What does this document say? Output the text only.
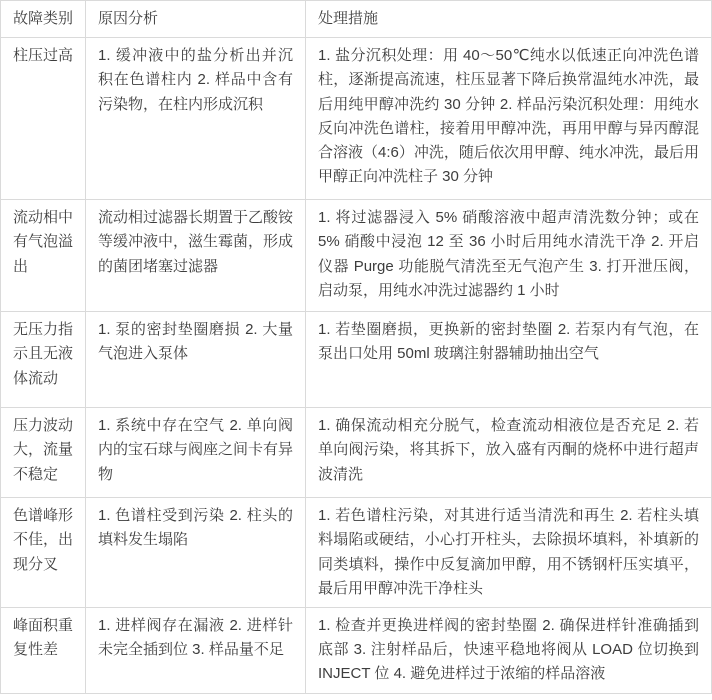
故障类别	原因分析	处理措施
柱压过高	1. 缓冲液中的盐分析出并沉积在色谱柱内 2. 样品中含有污染物，在柱内形成沉积	1. 盐分沉积处理：用 40～50℃纯水以低速正向冲洗色谱柱，逐渐提高流速，柱压显著下降后换常温纯水冲洗，最后用纯甲醇冲洗约 30 分钟 2. 样品污染沉积处理：用纯水反向冲洗色谱柱，接着用甲醇冲洗，再用甲醇与异丙醇混合溶液（4:6）冲洗，随后依次用甲醇、纯水冲洗，最后用甲醇正向冲洗柱子 30 分钟
流动相中有气泡溢出	流动相过滤器长期置于乙酸铵等缓冲液中，滋生霉菌，形成的菌团堵塞过滤器	1. 将过滤器浸入 5% 硝酸溶液中超声清洗数分钟；或在 5% 硝酸中浸泡 12 至 36 小时后用纯水清洗干净 2. 开启仪器 Purge 功能脱气清洗至无气泡产生 3. 打开泄压阀，启动泵，用纯水冲洗过滤器约 1 小时
无压力指示且无液体流动	1. 泵的密封垫圈磨损 2. 大量气泡进入泵体	1. 若垫圈磨损，更换新的密封垫圈 2. 若泵内有气泡，在泵出口处用 50ml 玻璃注射器辅助抽出空气
压力波动大，流量不稳定	1. 系统中存在空气 2. 单向阀内的宝石球与阀座之间卡有异物	1. 确保流动相充分脱气，检查流动相液位是否充足 2. 若单向阀污染，将其拆下，放入盛有丙酮的烧杯中进行超声波清洗
色谱峰形不佳，出现分叉	1. 色谱柱受到污染 2. 柱头的填料发生塌陷	1. 若色谱柱污染，对其进行适当清洗和再生 2. 若柱头填料塌陷或硬结，小心打开柱头，去除损坏填料，补填新的同类填料，操作中反复滴加甲醇，用不锈钢杆压实填平，最后用甲醇冲洗干净柱头
峰面积重复性差	1. 进样阀存在漏液 2. 进样针未完全插到位 3. 样品量不足	1. 检查并更换进样阀的密封垫圈 2. 确保进样针准确插到底部 3. 注射样品后，快速平稳地将阀从 LOAD 位切换到 INJECT 位 4. 避免进样过于浓缩的样品溶液
